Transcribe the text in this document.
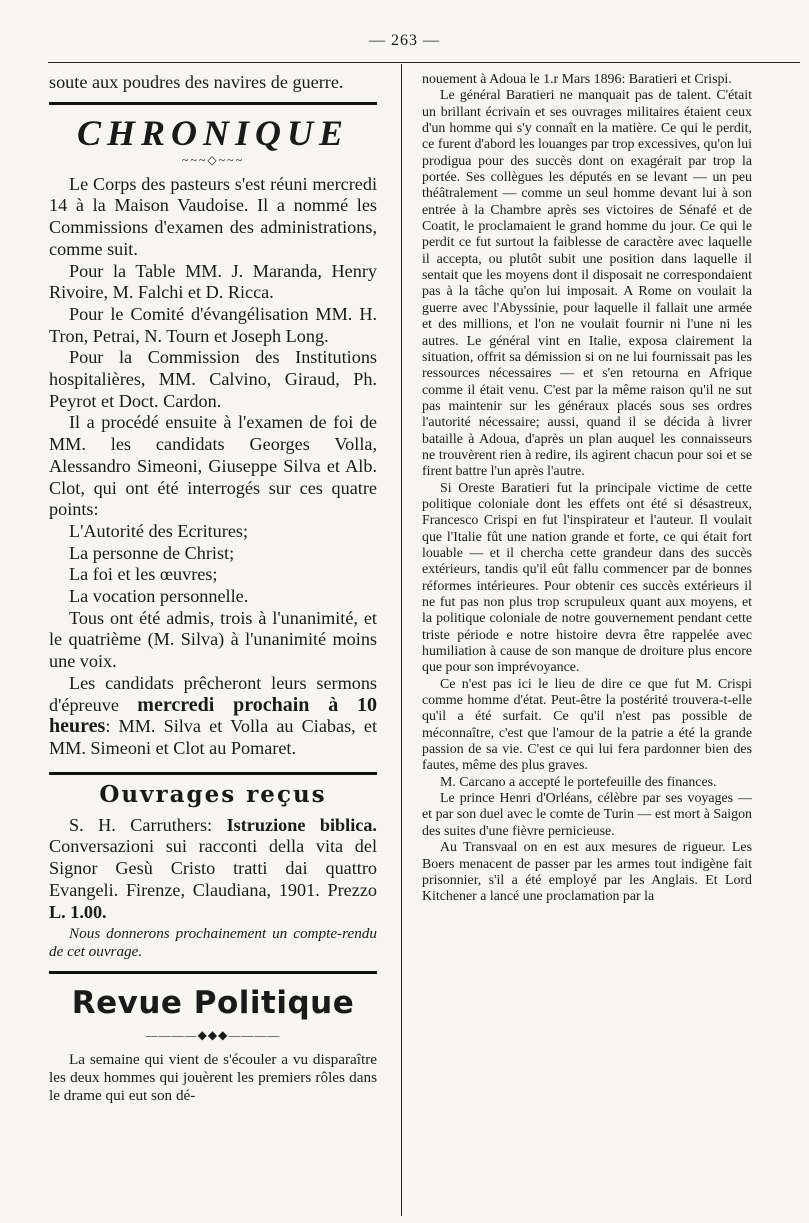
— 263 —

soute aux poudres des navires de guerre.

CHRONIQUE
~~~◇~~~

Le Corps des pasteurs s'est réuni mercredi 14 à la Maison Vaudoise. Il a nommé les Commissions d'examen des administrations, comme suit.

Pour la Table MM. J. Maranda, Henry Rivoire, M. Falchi et D. Ricca.

Pour le Comité d'évangélisation MM. H. Tron, Petrai, N. Tourn et Joseph Long.

Pour la Commission des Institutions hospitalières, MM. Calvino, Giraud, Ph. Peyrot et Doct. Cardon.

Il a procédé ensuite à l'examen de foi de MM. les candidats Georges Volla, Alessandro Simeoni, Giuseppe Silva et Alb. Clot, qui ont été interrogés sur ces quatre points:

L'Autorité des Ecritures;
La personne de Christ;
La foi et les œuvres;
La vocation personnelle.

Tous ont été admis, trois à l'unanimité, et le quatrième (M. Silva) à l'unanimité moins une voix.

Les candidats prêcheront leurs sermons d'épreuve mercredi prochain à 10 heures: MM. Silva et Volla au Ciabas, et MM. Simeoni et Clot au Pomaret.

Ouvrages reçus

S. H. Carruthers: Istruzione biblica. Conversazioni sui racconti della vita del Signor Gesù Cristo tratti dai quattro Evangeli. Firenze, Claudiana, 1901. Prezzo L. 1.00.

Nous donnerons prochainement un compte-rendu de cet ouvrage.

Revue Politique
————◆◆◆————

La semaine qui vient de s'écouler a vu disparaître les deux hommes qui jouèrent les premiers rôles dans le drame qui eut son dé-

nouement à Adoua le 1.r Mars 1896: Baratieri et Crispi.

Le général Baratieri ne manquait pas de talent. C'était un brillant écrivain et ses ouvrages militaires étaient ceux d'un homme qui s'y connaît en la matière. Ce qui le perdit, ce furent d'abord les louanges par trop excessives, qu'on lui prodigua pour des succès dont on exagérait par trop la portée. Ses collègues les députés en se levant — un peu théâtralement — comme un seul homme devant lui à son entrée à la Chambre après ses victoires de Sénafé et de Coatit, le proclamaient le grand homme du jour. Ce qui le perdit ce fut surtout la faiblesse de caractère avec laquelle il accepta, ou plutôt subit une position dans laquelle il sentait que les moyens dont il disposait ne correspondaient pas à la tâche qu'on lui imposait. A Rome on voulait la guerre avec l'Abyssinie, pour laquelle il fallait une armée et des millions, et l'on ne voulait fournir ni l'une ni les autres. Le général vint en Italie, exposa clairement la situation, offrit sa démission si on ne lui fournissait pas les ressources nécessaires — et s'en retourna en Afrique comme il était venu. C'est par la même raison qu'il ne sut pas maintenir sur les généraux placés sous ses ordres l'autorité nécessaire; aussi, quand il se décida à livrer bataille à Adoua, d'après un plan auquel les connaisseurs ne trouvèrent rien à redire, ils agirent chacun pour soi et se firent battre l'un après l'autre.

Si Oreste Baratieri fut la principale victime de cette politique coloniale dont les effets ont été si désastreux, Francesco Crispi en fut l'inspirateur et l'auteur. Il voulait que l'Italie fût une nation grande et forte, ce qui était fort louable — et il chercha cette grandeur dans des succès extérieurs, tandis qu'il eût fallu commencer par de bonnes réformes intérieures. Pour obtenir ces succès extérieurs il ne fut pas non plus trop scrupuleux quant aux moyens, et la politique coloniale de notre gouvernement pendant cette triste période e notre histoire devra être rappelée avec humiliation à cause de son manque de droiture plus encore que pour son imprévoyance.

Ce n'est pas ici le lieu de dire ce que fut M. Crispi comme homme d'état. Peut-être la postérité trouvera-t-elle qu'il a été surfait. Ce qu'il n'est pas possible de méconnaître, c'est que l'amour de la patrie a été la grande passion de sa vie. C'est ce qui lui fera pardonner bien des fautes, même des plus graves.

M. Carcano a accepté le portefeuille des finances.

Le prince Henri d'Orléans, célèbre par ses voyages — et par son duel avec le comte de Turin — est mort à Saigon des suites d'une fièvre pernicieuse.

Au Transvaal on en est aux mesures de rigueur. Les Boers menacent de passer par les armes tout indigène fait prisonnier, s'il a été employé par les Anglais. Et Lord Kitchener a lancé une proclamation par la
